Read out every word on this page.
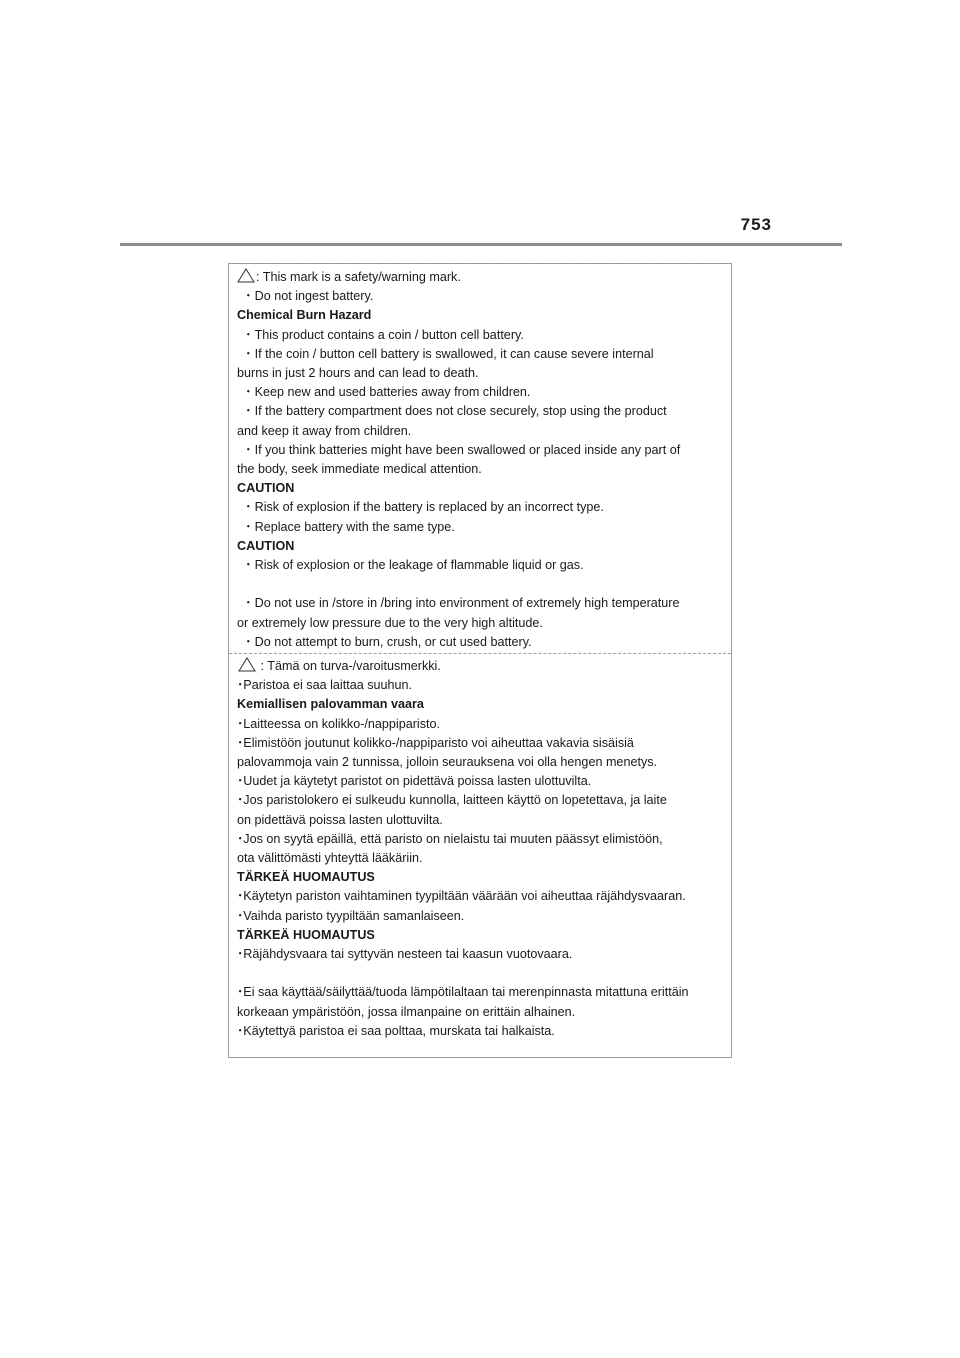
753
: This mark is a safety/warning mark.
・Do not ingest battery.
Chemical Burn Hazard
・This product contains a coin / button cell battery.
・If the coin / button cell battery is swallowed, it can cause severe internal
burns in just 2 hours and can lead to death.
・Keep new and used batteries away from children.
・If the battery compartment does not close securely, stop using the product
and keep it away from children.
・If you think batteries might have been swallowed or placed inside any part of
the body, seek immediate medical attention.
CAUTION
・Risk of explosion if the battery is replaced by an incorrect type.
・Replace battery with the same type.
CAUTION
・Risk of explosion or the leakage of flammable liquid or gas.
・Do not use in /store in /bring into environment of extremely high temperature
or extremely low pressure due to the very high altitude.
・Do not attempt to burn, crush, or cut used battery.
: Tämä on turva-/varoitusmerkki.
･Paristoa ei saa laittaa suuhun.
Kemiallisen palovamman vaara
･Laitteessa on kolikko-/nappiparisto.
･Elimistöön joutunut kolikko-/nappiparisto voi aiheuttaa vakavia sisäisiä
palovammoja vain 2 tunnissa, jolloin seurauksena voi olla hengen menetys.
･Uudet ja käytetyt paristot on pidettävä poissa lasten ulottuvilta.
･Jos paristolokero ei sulkeudu kunnolla, laitteen käyttö on lopetettava, ja laite
on pidettävä poissa lasten ulottuvilta.
･Jos on syytä epäillä, että paristo on nielaistu tai muuten päässyt elimistöön,
ota välittömästi yhteyttä lääkäriin.
TÄRKEÄ HUOMAUTUS
･Käytetyn pariston vaihtaminen tyypiltään väärään voi aiheuttaa räjähdysvaaran.
･Vaihda paristo tyypiltään samanlaiseen.
TÄRKEÄ HUOMAUTUS
･Räjähdysvaara tai syttyvän nesteen tai kaasun vuotovaara.
･Ei saa käyttää/säilyttää/tuoda lämpötilaltaan tai merenpinnasta mitattuna erittäin
korkeaan ympäristöön, jossa ilmanpaine on erittäin alhainen.
･Käytettyä paristoa ei saa polttaa, murskata tai halkaista.
